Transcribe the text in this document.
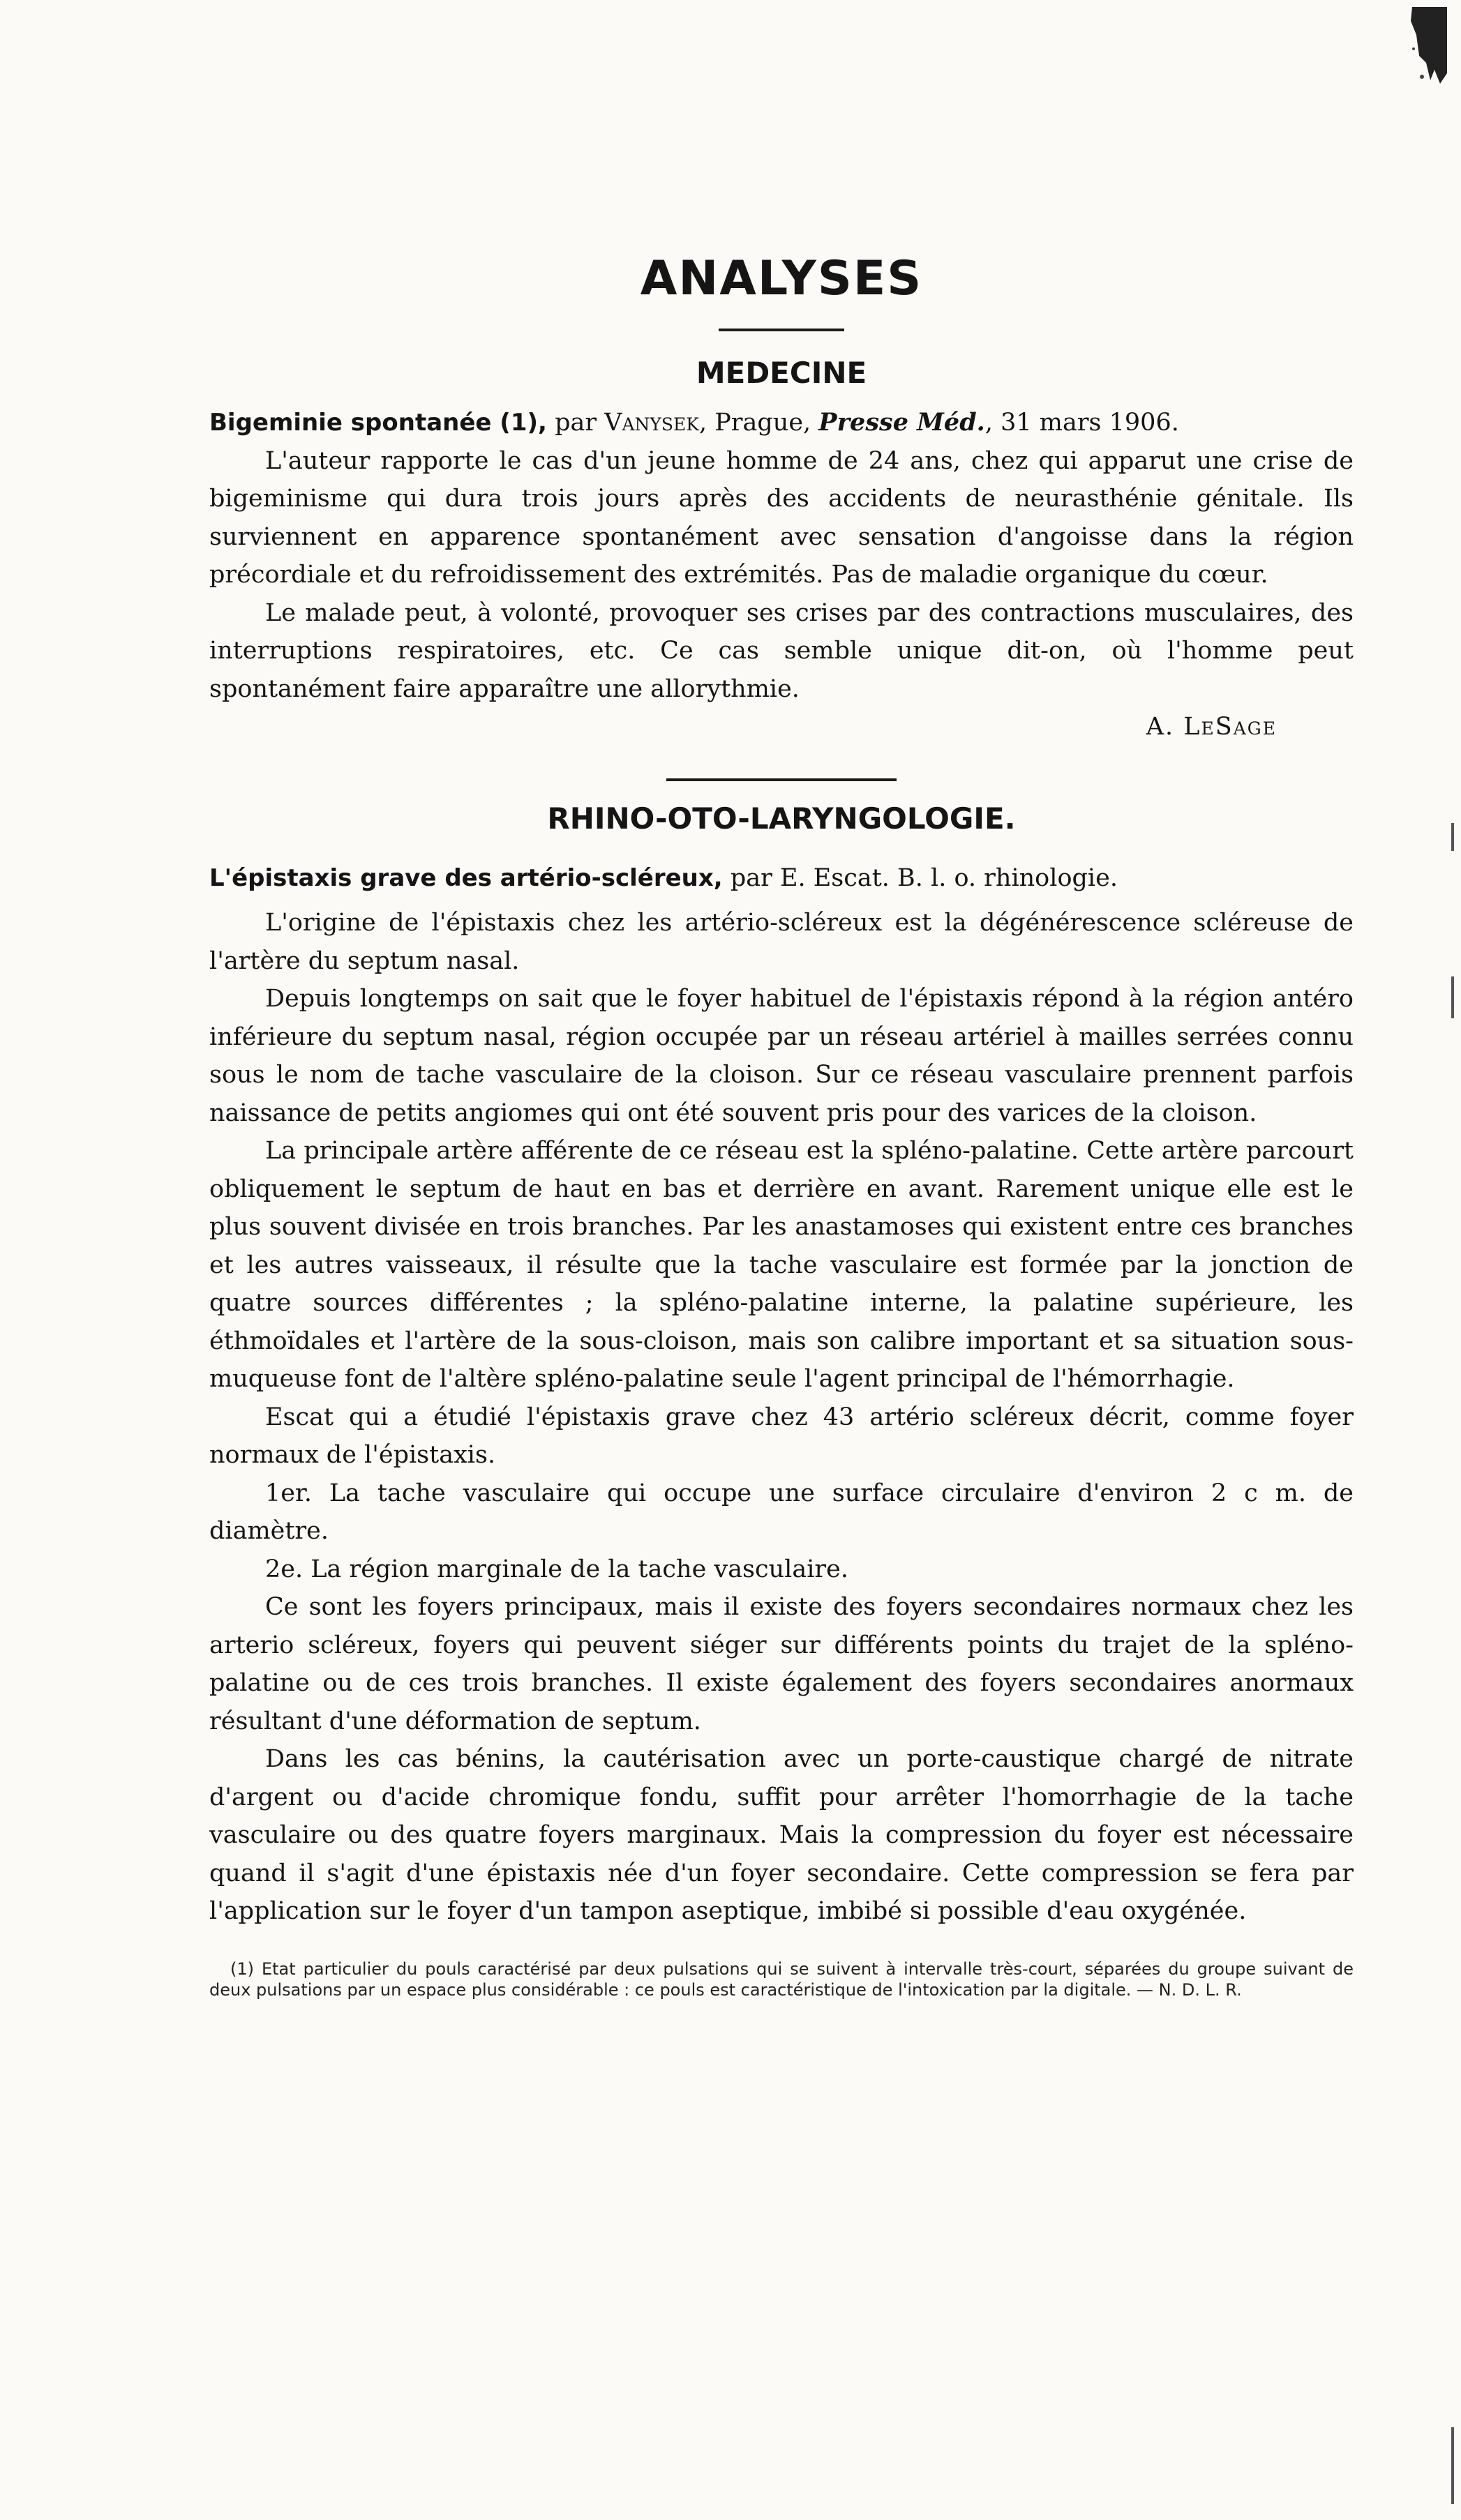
ANALYSES
MEDECINE

Bigeminie spontanée (1), par Vanysek, Prague, Presse Méd., 31 mars 1906.

L'auteur rapporte le cas d'un jeune homme de 24 ans, chez qui apparut une crise de bigeminisme qui dura trois jours après des accidents de neurasthénie génitale. Ils surviennent en apparence spontanément avec sensation d'angoisse dans la région précordiale et du refroidissement des extrémités. Pas de maladie organique du cœur.

Le malade peut, à volonté, provoquer ses crises par des contractions musculaires, des interruptions respiratoires, etc. Ce cas semble unique dit-on, où l'homme peut spontanément faire apparaître une allorythmie.

A. LeSage

RHINO-OTO-LARYNGOLOGIE.

L'épistaxis grave des artério-scléreux, par E. Escat. B. l. o. rhinologie.

L'origine de l'épistaxis chez les artério-scléreux est la dégénérescence scléreuse de l'artère du septum nasal.

Depuis longtemps on sait que le foyer habituel de l'épistaxis répond à la région antéro inférieure du septum nasal, région occupée par un réseau artériel à mailles serrées connu sous le nom de tache vasculaire de la cloison. Sur ce réseau vasculaire prennent parfois naissance de petits angiomes qui ont été souvent pris pour des varices de la cloison.

La principale artère afférente de ce réseau est la spléno-palatine. Cette artère parcourt obliquement le septum de haut en bas et derrière en avant. Rarement unique elle est le plus souvent divisée en trois branches. Par les anastamoses qui existent entre ces branches et les autres vaisseaux, il résulte que la tache vasculaire est formée par la jonction de quatre sources différentes ; la spléno-palatine interne, la palatine supérieure, les éthmoïdales et l'artère de la sous-cloison, mais son calibre important et sa situation sous-muqueuse font de l'altère spléno-palatine seule l'agent principal de l'hémorrhagie.

Escat qui a étudié l'épistaxis grave chez 43 artério scléreux décrit, comme foyer normaux de l'épistaxis.

1er. La tache vasculaire qui occupe une surface circulaire d'environ 2 c m. de diamètre.

2e. La région marginale de la tache vasculaire.

Ce sont les foyers principaux, mais il existe des foyers secondaires normaux chez les arterio scléreux, foyers qui peuvent siéger sur différents points du trajet de la spléno-palatine ou de ces trois branches. Il existe également des foyers secondaires anormaux résultant d'une déformation de septum.

Dans les cas bénins, la cautérisation avec un porte-caustique chargé de nitrate d'argent ou d'acide chromique fondu, suffit pour arrêter l'homorrhagie de la tache vasculaire ou des quatre foyers marginaux. Mais la compression du foyer est nécessaire quand il s'agit d'une épistaxis née d'un foyer secondaire. Cette compression se fera par l'application sur le foyer d'un tampon aseptique, imbibé si possible d'eau oxygénée.

(1) Etat particulier du pouls caractérisé par deux pulsations qui se suivent à intervalle très-court, séparées du groupe suivant de deux pulsations par un espace plus considérable : ce pouls est caractéristique de l'intoxication par la digitale. — N. D. L. R.
